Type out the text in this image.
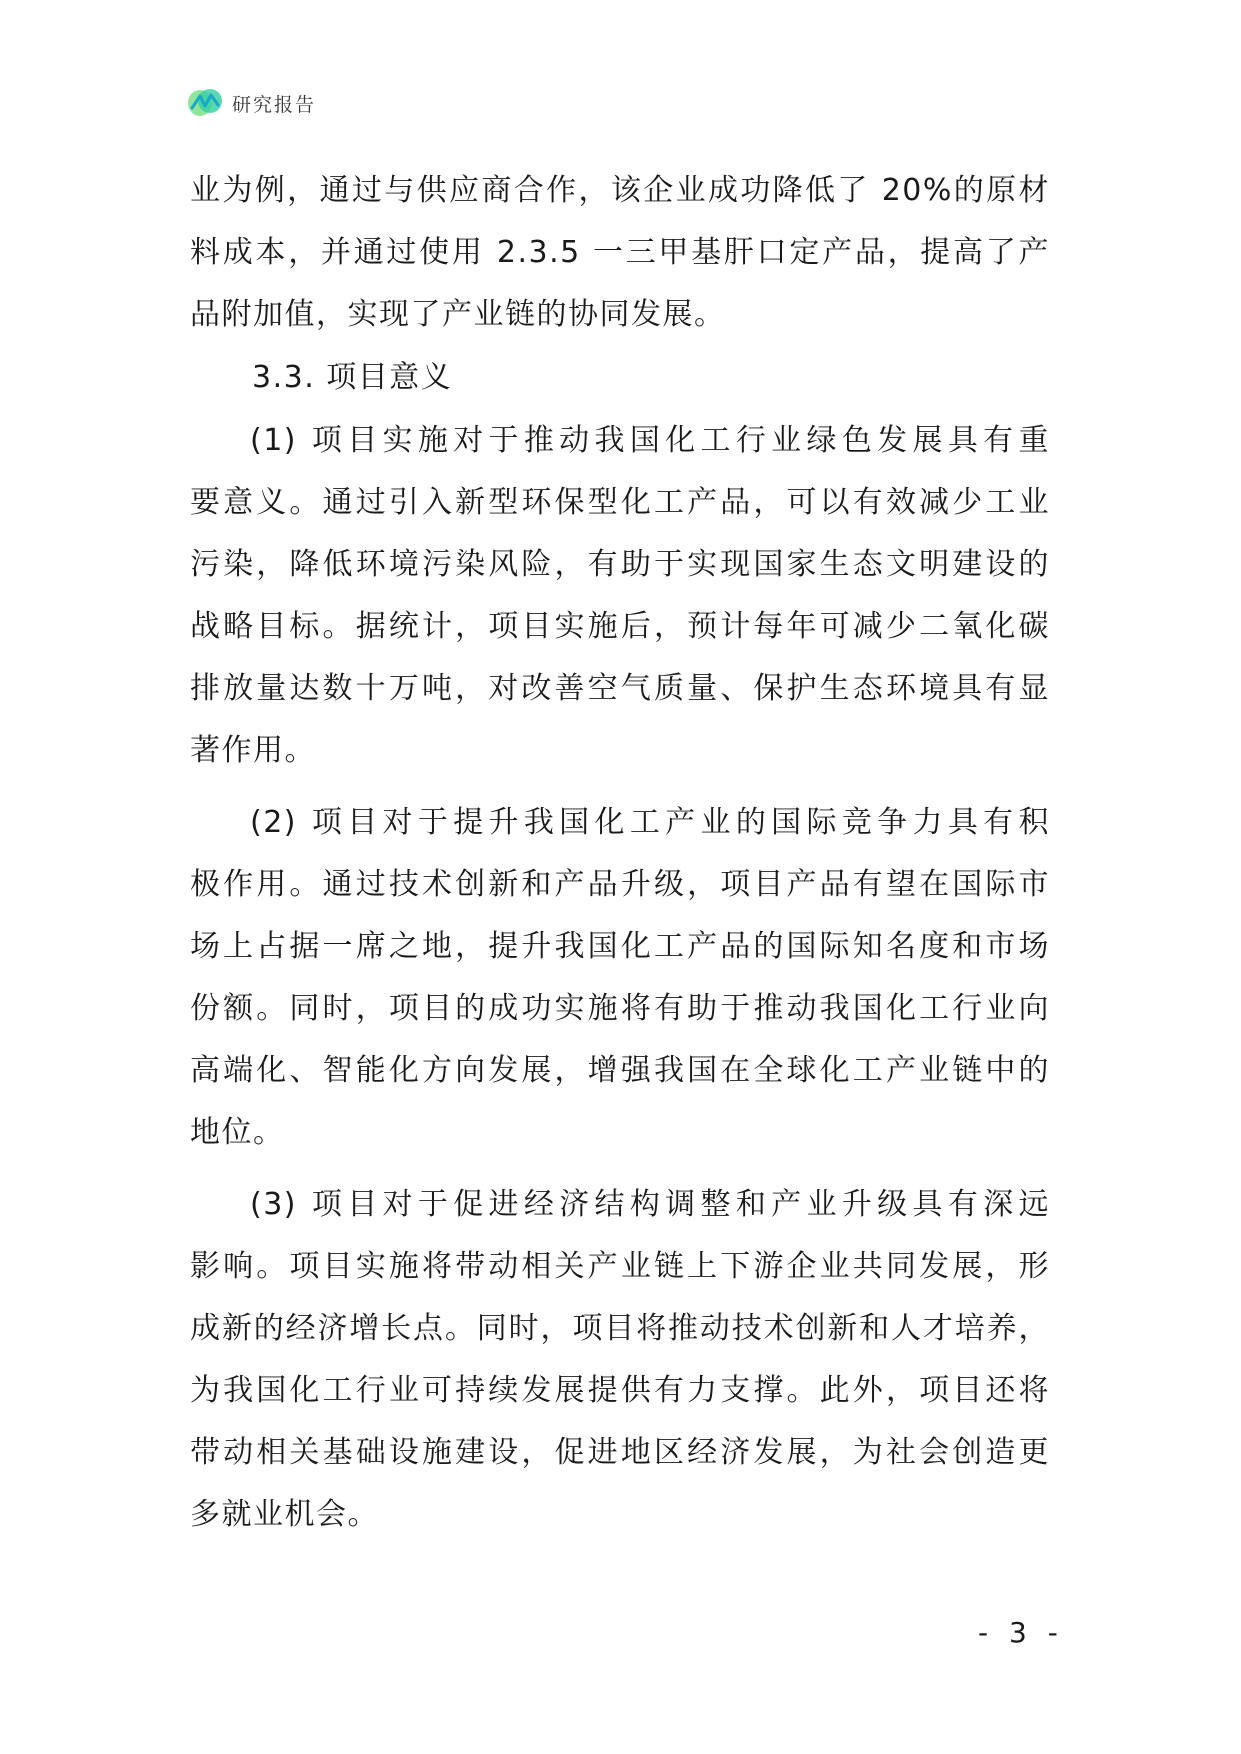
研究报告
业为例，通过与供应商合作，该企业成功降低了 20%的原材
料成本，并通过使用 2.3.5 一三甲基肝口定产品，提高了产
品附加值，实现了产业链的协同发展。
3.3. 项目意义
(1) 项目实施对于推动我国化工行业绿色发展具有重
要意义。通过引入新型环保型化工产品，可以有效减少工业
污染，降低环境污染风险，有助于实现国家生态文明建设的
战略目标。据统计，项目实施后，预计每年可减少二氧化碳
排放量达数十万吨，对改善空气质量、保护生态环境具有显
著作用。
(2) 项目对于提升我国化工产业的国际竞争力具有积
极作用。通过技术创新和产品升级，项目产品有望在国际市
场上占据一席之地，提升我国化工产品的国际知名度和市场
份额。同时，项目的成功实施将有助于推动我国化工行业向
高端化、智能化方向发展，增强我国在全球化工产业链中的
地位。
(3) 项目对于促进经济结构调整和产业升级具有深远
影响。项目实施将带动相关产业链上下游企业共同发展，形
成新的经济增长点。同时，项目将推动技术创新和人才培养，
为我国化工行业可持续发展提供有力支撑。此外，项目还将
带动相关基础设施建设，促进地区经济发展，为社会创造更
多就业机会。
- 3 -
